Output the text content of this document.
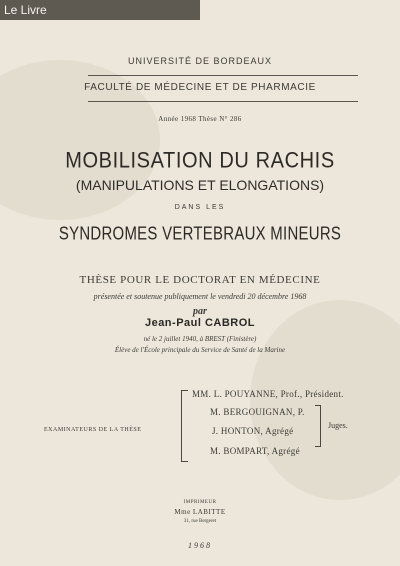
Le Livre
UNIVERSITÉ DE BORDEAUX
FACULTÉ DE MÉDECINE ET DE PHARMACIE
Année 1968 Thèse N° 286
MOBILISATION DU RACHIS
(MANIPULATIONS ET ELONGATIONS)
DANS LES
SYNDROMES VERTEBRAUX MINEURS
THÈSE POUR LE DOCTORAT EN MÉDECINE
présentée et soutenue publiquement le vendredi 20 décembre 1968
par
Jean-Paul CABROL
né le 2 juillet 1940, à BREST (Finistère)
Élève de l'École principale du Service de Santé de la Marine
EXAMINATEURS DE LA THÈSE
MM. L. POUYANNE, Prof., Président.
M. BERGOUIGNAN, P.
J. HONTON, Agrégé
M. BOMPART, Agrégé
Juges.
IMPRIMEUR
Mme LABITTE
31, rue Bergeret
1968
